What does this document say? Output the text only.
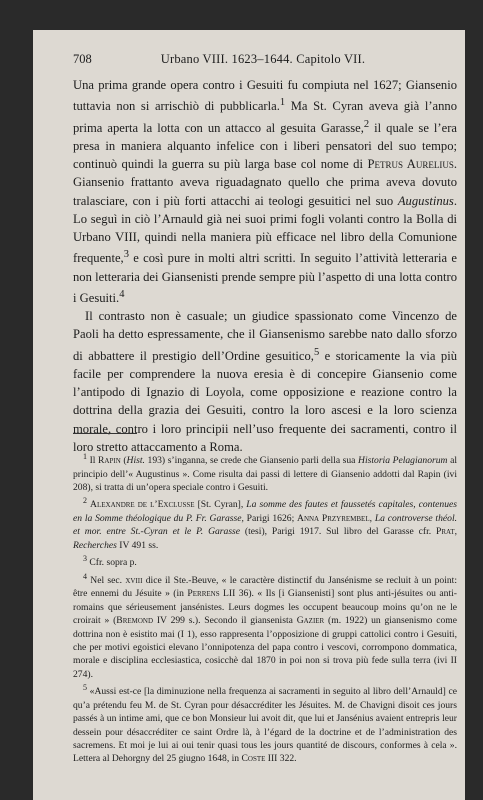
708	Urbano VIII. 1623–1644. Capitolo VII.

Una prima grande opera contro i Gesuiti fu compiuta nel 1627; Giansenio tuttavia non si arrischiò di pubblicarla.$^1$ Ma St. Cyran aveva già l’anno prima aperta la lotta con un attacco al gesuita Garasse,$^2$ il quale se l’era presa in maniera alquanto infelice con i liberi pensatori del suo tempo; continuò quindi la guerra su più larga base col nome di Petrus Aurelius. Giansenio frattanto aveva riguadagnato quello che prima aveva dovuto tralasciare, con i più forti attacchi ai teologi gesuitici nel suo Augustinus. Lo seguì in ciò l’Arnauld già nei suoi primi fogli volanti contro la Bolla di Urbano VIII, quindi nella maniera più efficace nel libro della Comunione frequente,$^3$ e così pure in molti altri scritti. In seguito l’attività letteraria e non letteraria dei Giansenisti prende sempre più l’aspetto di una lotta contro i Gesuiti.$^4$

Il contrasto non è casuale; un giudice spassionato come Vincenzo de Paoli ha detto espressamente, che il Giansenismo sarebbe nato dallo sforzo di abbattere il prestigio dell’Ordine gesuitico,$^5$ e storicamente la via più facile per comprendere la nuova eresia è di concepire Giansenio come l’antipodo di Ignazio di Loyola, come opposizione e reazione contro la dottrina della grazia dei Gesuiti, contro la loro ascesi e la loro scienza morale, contro i loro principii nell’uso frequente dei sacramenti, contro il loro stretto attaccamento a Roma.

$^1$ Il Rapin (Hist. 193) s’inganna, se crede che Giansenio parli della sua Historia Pelagianorum al principio dell’« Augustinus ». Come risulta dai passi di lettere di Giansenio addotti dal Rapin (ivi 208), si tratta di un’opera speciale contro i Gesuiti.

$^2$ Alexandre de l’Exclusse [St. Cyran], La somme des fautes et faussetés capitales, contenues en la Somme théologique du P. Fr. Garasse, Parigi 1626; Anna Przyrembel, La controverse théol. et mor. entre St.-Cyran et le P. Garasse (tesi), Parigi 1917. Sul libro del Garasse cfr. Prat, Recherches IV 491 ss.

$^3$ Cfr. sopra p.

$^4$ Nel sec. xviii dice il Ste.-Beuve, « le caractère distinctif du Jansénisme se recluit à un point: être ennemi du Jésuite » (in Perrens LII 36). « Ils [i Giansenisti] sont plus anti-jésuites ou anti-romains que sérieusement jansénistes. Leurs dogmes les occupent beaucoup moins qu’on ne le croirait » (Bremond IV 299 s.). Secondo il giansenista Gazier (m. 1922) un giansenismo come dottrina non è esistito mai (I 1), esso rappresenta l’opposizione di gruppi cattolici contro i Gesuiti, che per motivi egoistici elevano l’onnipotenza del papa contro i vescovi, corrompono dommatica, morale e disciplina ecclesiastica, cosicchè dal 1870 in poi non si trova più fede sulla terra (ivi II 274).

$^5$ «Aussi est-ce [la diminuzione nella frequenza ai sacramenti in seguito al libro dell’Arnauld] ce qu’a prétendu feu M. de St. Cyran pour désaccréditer les Jésuites. M. de Chavigni disoit ces jours passés à un intime ami, que ce bon Monsieur lui avoit dit, que lui et Jansénius avaient entrepris leur dessein pour désaccréditer ce saint Ordre là, à l’égard de la doctrine et de l’administration des sacremens. Et moi je lui ai oui tenir quasi tous les jours quantité de discours, conformes à cela ». Lettera al Dehorgny del 25 giugno 1648, in Coste III 322.
